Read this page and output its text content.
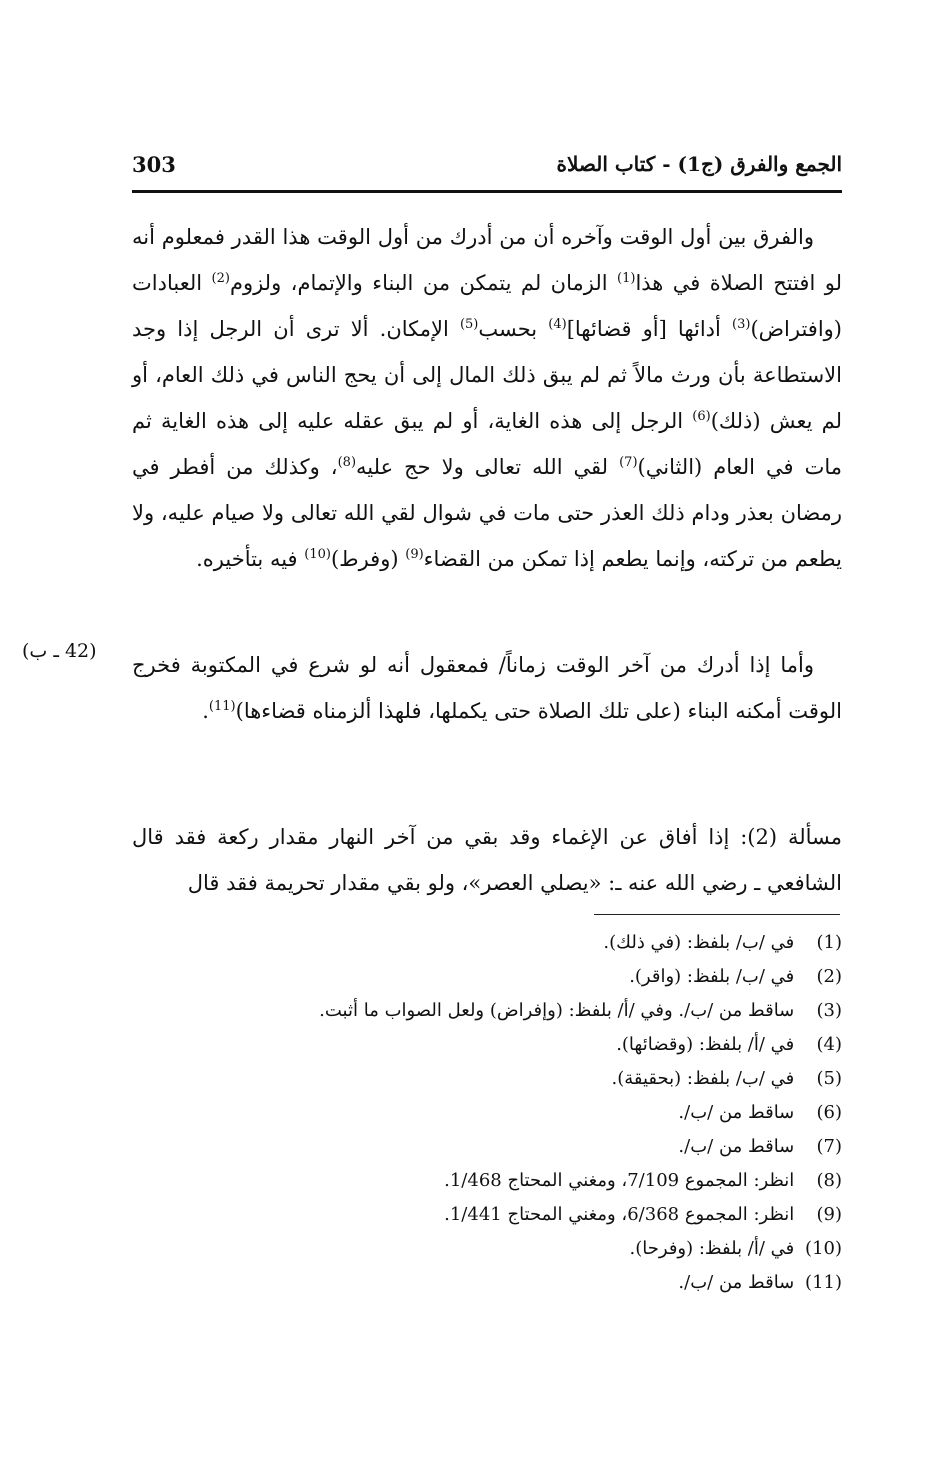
الجمع والفرق (ج1) - كتاب الصلاة
303

والفرق بين أول الوقت وآخره أن من أدرك من أول الوقت هذا القدر فمعلوم أنه لو افتتح الصلاة في هذا$^{(1)}$ الزمان لم يتمكن من البناء والإتمام، ولزوم$^{(2)}$ العبادات (وافتراض)$^{(3)}$ أدائها [أو قضائها]$^{(4)}$ بحسب$^{(5)}$ الإمكان. ألا ترى أن الرجل إذا وجد الاستطاعة بأن ورث مالاً ثم لم يبق ذلك المال إلى أن يحج الناس في ذلك العام، أو لم يعش (ذلك)$^{(6)}$ الرجل إلى هذه الغاية، أو لم يبق عقله عليه إلى هذه الغاية ثم مات في العام (الثاني)$^{(7)}$ لقي الله تعالى ولا حج عليه$^{(8)}$، وكذلك من أفطر في رمضان بعذر ودام ذلك العذر حتى مات في شوال لقي الله تعالى ولا صيام عليه، ولا يطعم من تركته، وإنما يطعم إذا تمكن من القضاء$^{(9)}$ (وفرط)$^{(10)}$ فيه بتأخيره.

وأما إذا أدرك من آخر الوقت زماناً/ فمعقول أنه لو شرع في المكتوبة فخرج الوقت أمكنه البناء (على تلك الصلاة حتى يكملها، فلهذا ألزمناه قضاءها)$^{(11)}$.

مسألة (2): إذا أفاق عن الإغماء وقد بقي من آخر النهار مقدار ركعة فقد قال الشافعي ـ رضي الله عنه ـ: «يصلي العصر»، ولو بقي مقدار تحريمة فقد قال

(42 ـ ب)
(1) في /ب/ بلفظ: (في ذلك).
(2) في /ب/ بلفظ: (واقر).
(3) ساقط من /ب/. وفي /أ/ بلفظ: (وإفراض) ولعل الصواب ما أثبت.
(4) في /أ/ بلفظ: (وقضائها).
(5) في /ب/ بلفظ: (بحقيقة).
(6) ساقط من /ب/.
(7) ساقط من /ب/.
(8) انظر: المجموع 7/109، ومغني المحتاج 1/468.
(9) انظر: المجموع 6/368، ومغني المحتاج 1/441.
(10) في /أ/ بلفظ: (وفرحا).
(11) ساقط من /ب/.
